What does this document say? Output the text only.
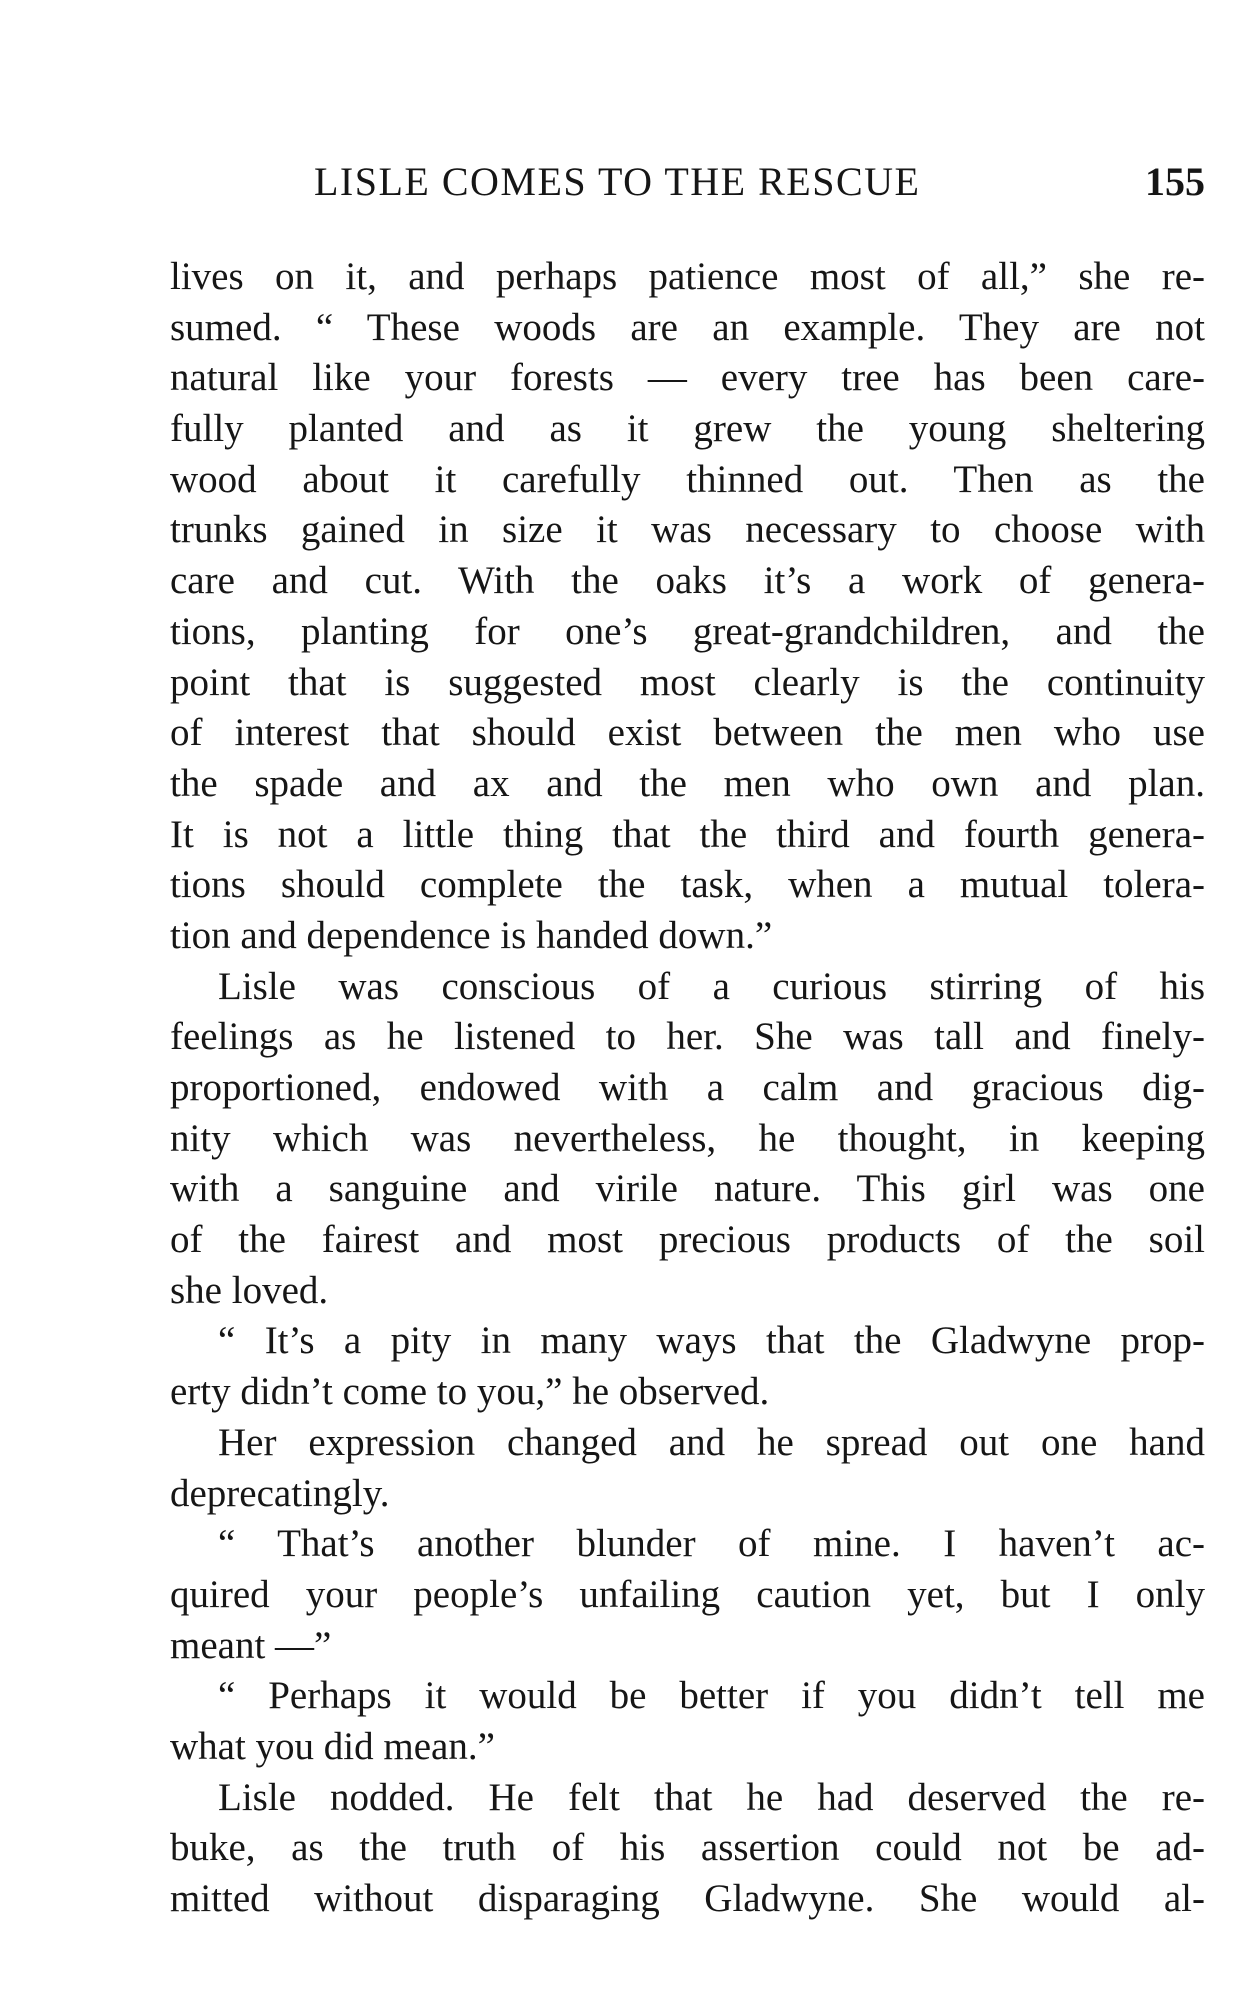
LISLE COMES TO THE RESCUE	155
lives on it, and perhaps patience most of all,” she re-
sumed. “ These woods are an example. They are not
natural like your forests — every tree has been care-
fully planted and as it grew the young sheltering
wood about it carefully thinned out. Then as the
trunks gained in size it was necessary to choose with
care and cut. With the oaks it’s a work of genera-
tions, planting for one’s great-grandchildren, and the
point that is suggested most clearly is the continuity
of interest that should exist between the men who use
the spade and ax and the men who own and plan.
It is not a little thing that the third and fourth genera-
tions should complete the task, when a mutual tolera-
tion and dependence is handed down.”
Lisle was conscious of a curious stirring of his
feelings as he listened to her. She was tall and finely-
proportioned, endowed with a calm and gracious dig-
nity which was nevertheless, he thought, in keeping
with a sanguine and virile nature. This girl was one
of the fairest and most precious products of the soil
she loved.
“ It’s a pity in many ways that the Gladwyne prop-
erty didn’t come to you,” he observed.
Her expression changed and he spread out one hand
deprecatingly.
“ That’s another blunder of mine. I haven’t ac-
quired your people’s unfailing caution yet, but I only
meant —”
“ Perhaps it would be better if you didn’t tell me
what you did mean.”
Lisle nodded. He felt that he had deserved the re-
buke, as the truth of his assertion could not be ad-
mitted without disparaging Gladwyne. She would al-
